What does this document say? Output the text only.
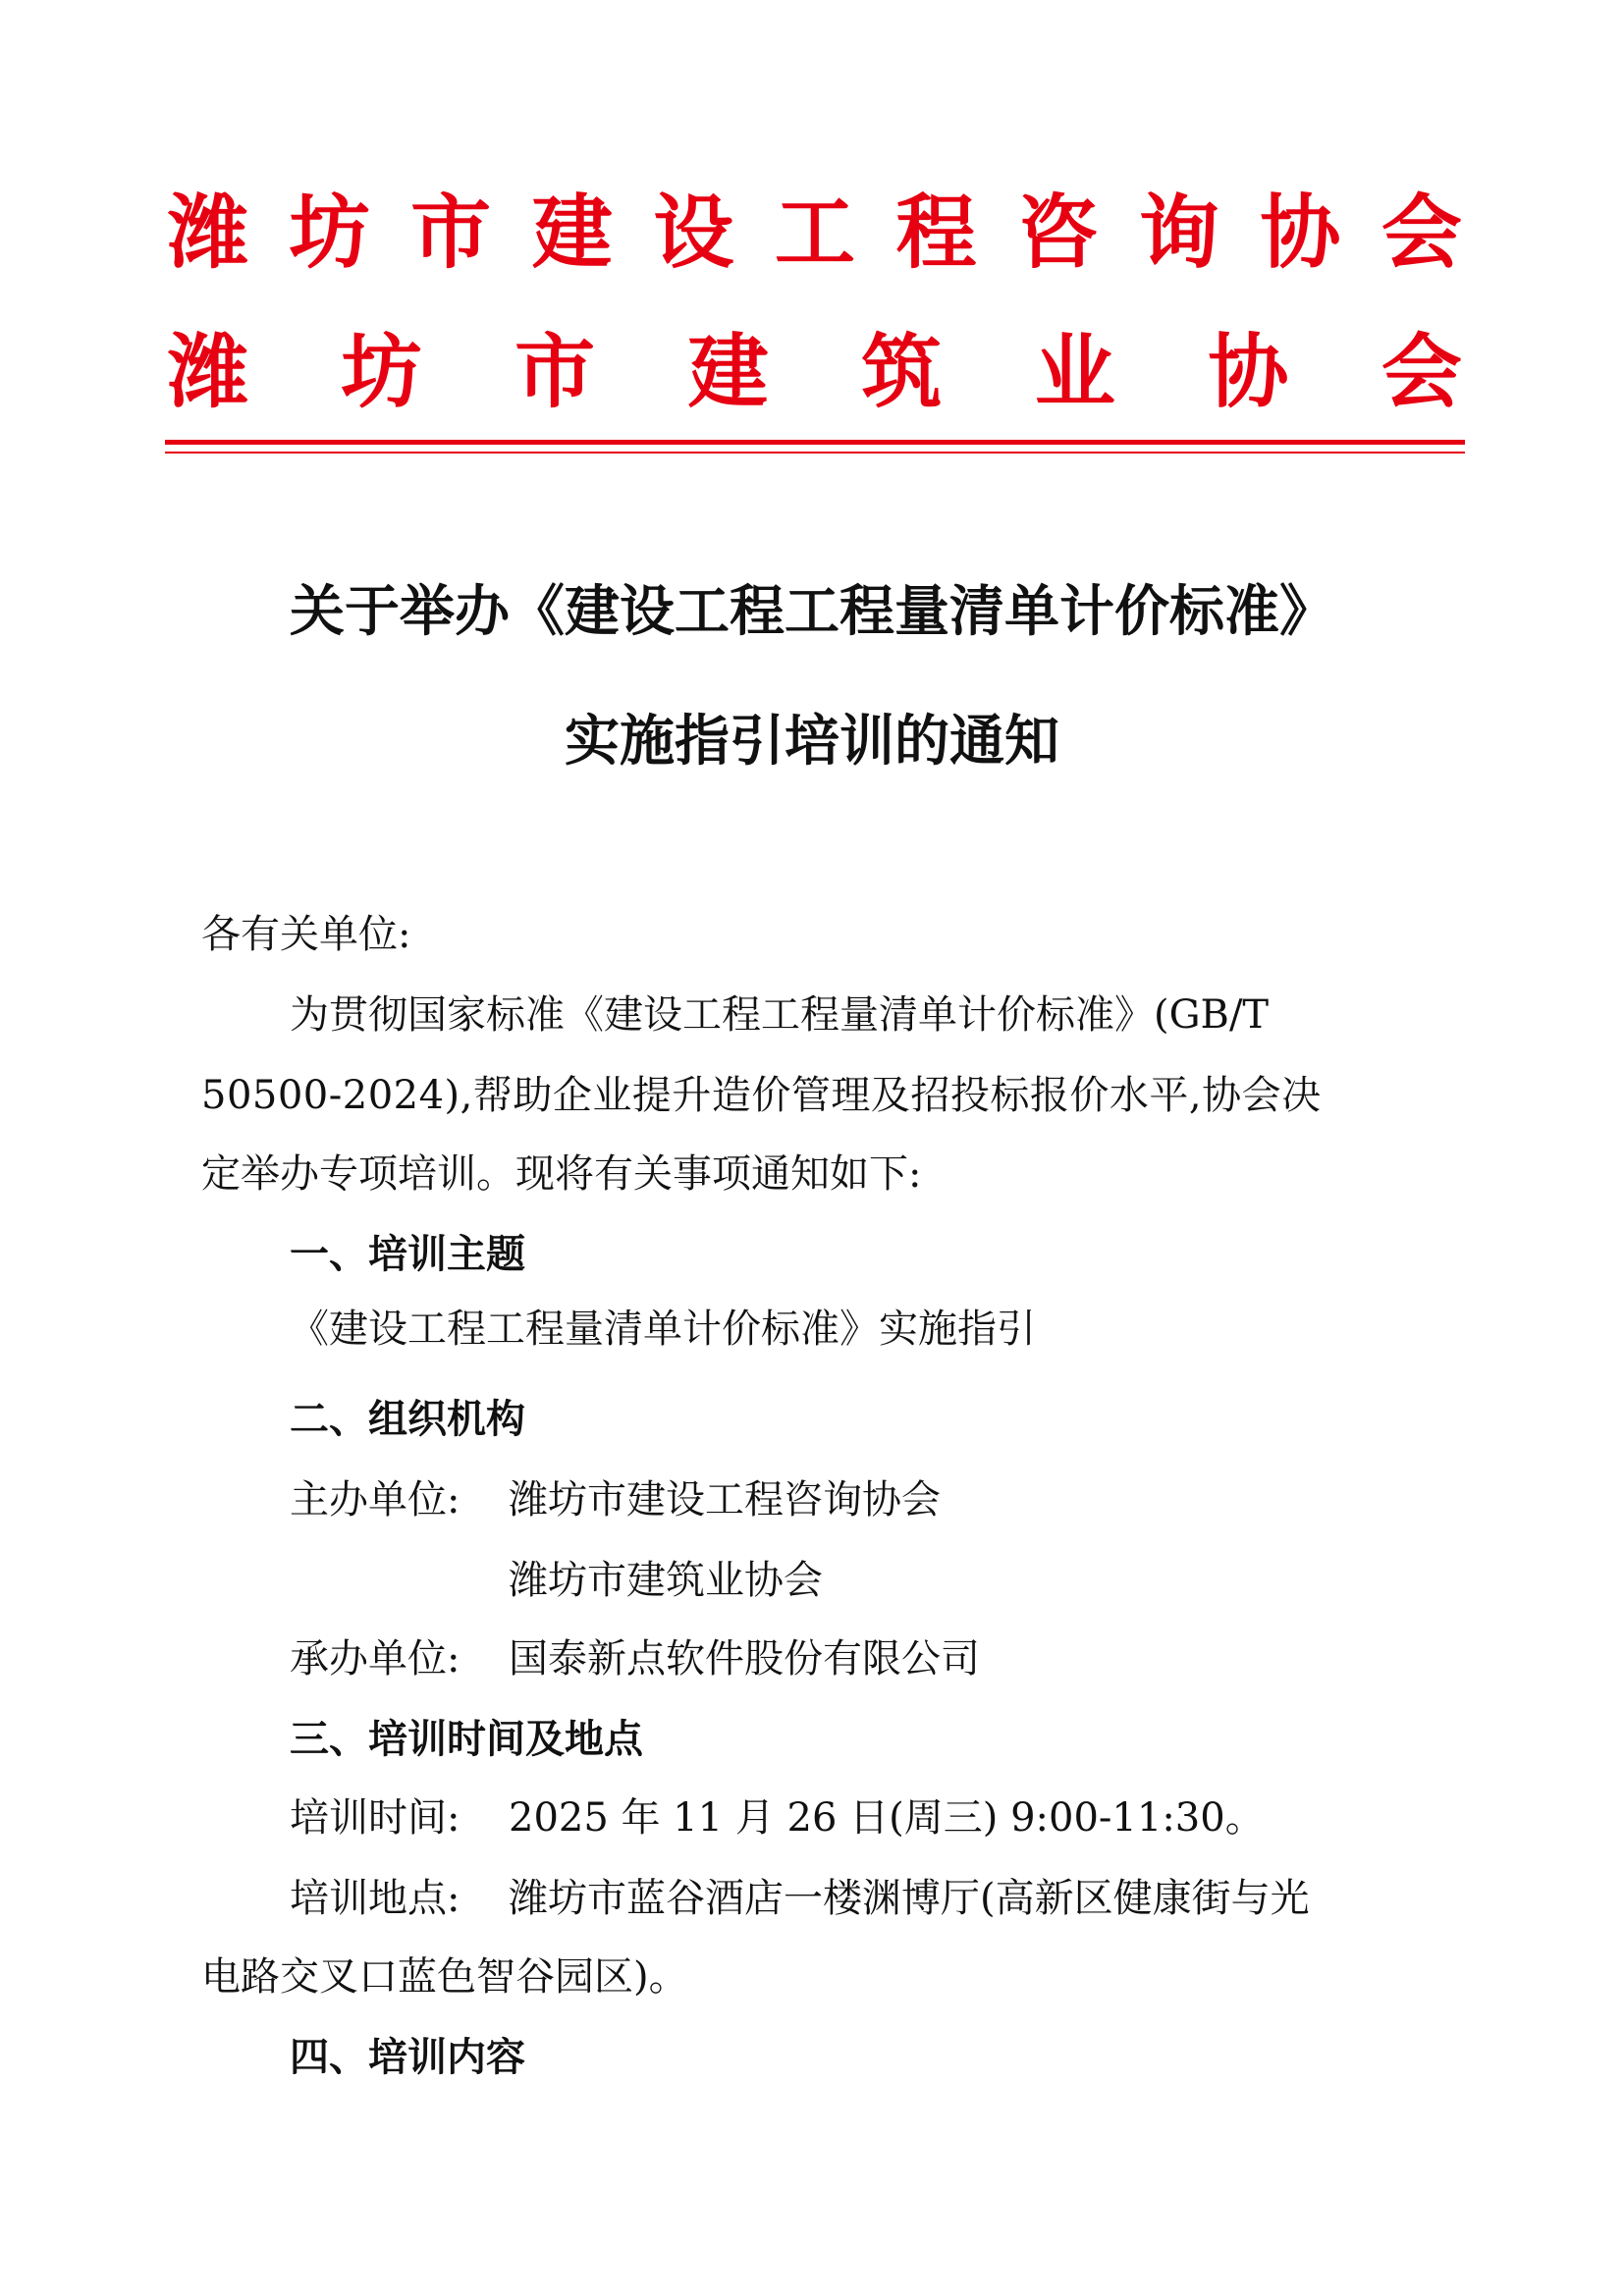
潍 坊 市 建 设 工 程 咨 询 协 会
潍 坊 市 建 筑 业 协 会
关于举办《建设工程工程量清单计价标准》
实施指引培训的通知
各有关单位:
为贯彻国家标准《建设工程工程量清单计价标准》(GB/T
50500-2024),帮助企业提升造价管理及招投标报价水平,协会决
定举办专项培训。现将有关事项通知如下:
一、培训主题
《建设工程工程量清单计价标准》实施指引
二、组织机构
主办单位: 潍坊市建设工程咨询协会
潍坊市建筑业协会
承办单位: 国泰新点软件股份有限公司
三、培训时间及地点
培训时间: 2025 年 11 月 26 日(周三) 9:00-11:30。
培训地点: 潍坊市蓝谷酒店一楼渊博厅(高新区健康街与光
电路交叉口蓝色智谷园区)。
四、培训内容
